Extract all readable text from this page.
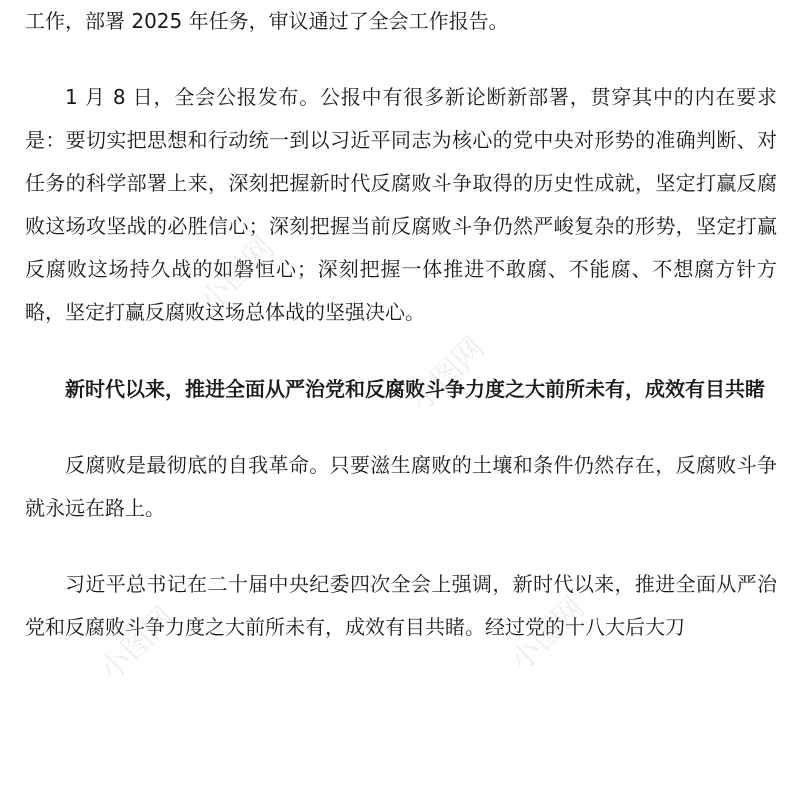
工作，部署 2025 年任务，审议通过了全会工作报告。

1 月 8 日，全会公报发布。公报中有很多新论断新部署，贯穿其中的内在要求是：要切实把思想和行动统一到以习近平同志为核心的党中央对形势的准确判断、对任务的科学部署上来，深刻把握新时代反腐败斗争取得的历史性成就，坚定打赢反腐败这场攻坚战的必胜信心；深刻把握当前反腐败斗争仍然严峻复杂的形势，坚定打赢反腐败这场持久战的如磐恒心；深刻把握一体推进不敢腐、不能腐、不想腐方针方略，坚定打赢反腐败这场总体战的坚强决心。

新时代以来，推进全面从严治党和反腐败斗争力度之大前所未有，成效有目共睹

反腐败是最彻底的自我革命。只要滋生腐败的土壤和条件仍然存在，反腐败斗争就永远在路上。

习近平总书记在二十届中央纪委四次全会上强调，新时代以来，推进全面从严治党和反腐败斗争力度之大前所未有，成效有目共睹。经过党的十八大后大刀

小图网
小图网
小图网	小图网
